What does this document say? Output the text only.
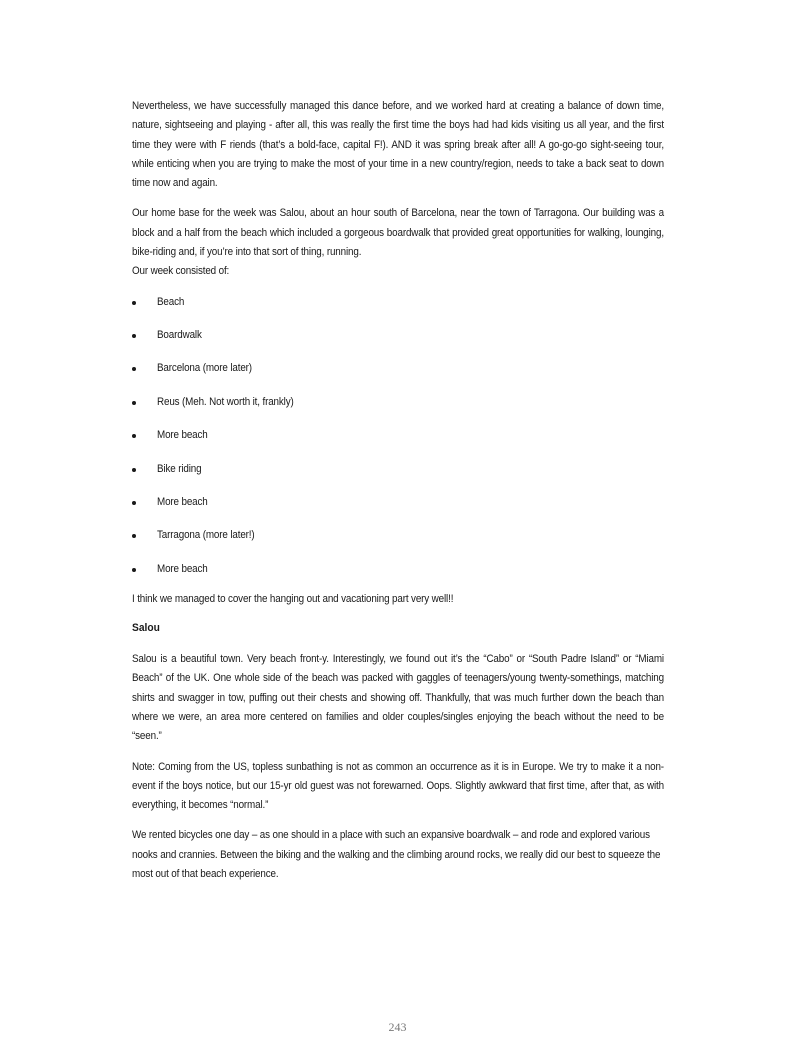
Nevertheless, we have successfully managed this dance before, and we worked hard at creating a balance of down time, nature, sightseeing and playing - after all, this was really the first time the boys had had kids visiting us all year, and the first time they were with F riends (that’s a bold-face, capital F!). AND it was spring break after all! A go-go-go sight-seeing tour, while enticing when you are trying to make the most of your time in a new country/region, needs to take a back seat to down time now and again.

Our home base for the week was Salou, about an hour south of Barcelona, near the town of Tarragona. Our building was a block and a half from the beach which included a gorgeous boardwalk that provided great opportunities for walking, lounging, bike-riding and, if you’re into that sort of thing, running.

Our week consisted of:

Beach
Boardwalk
Barcelona (more later)
Reus (Meh. Not worth it, frankly)
More beach
Bike riding
More beach
Tarragona (more later!)
More beach

I think we managed to cover the hanging out and vacationing part very well!!

Salou

Salou is a beautiful town. Very beach front-y. Interestingly, we found out it’s the “Cabo” or “South Padre Island” or “Miami Beach” of the UK. One whole side of the beach was packed with gaggles of teenagers/young twenty-somethings, matching shirts and swagger in tow, puffing out their chests and showing off. Thankfully, that was much further down the beach than where we were, an area more centered on families and older couples/singles enjoying the beach without the need to be “seen.”

Note: Coming from the US, topless sunbathing is not as common an occurrence as it is in Europe. We try to make it a non-event if the boys notice, but our 15-yr old guest was not forewarned. Oops. Slightly awkward that first time, after that, as with everything, it becomes “normal.”

We rented bicycles one day – as one should in a place with such an expansive boardwalk – and rode and explored various nooks and crannies. Between the biking and the walking and the climbing around rocks, we really did our best to squeeze the most out of that beach experience.

243
